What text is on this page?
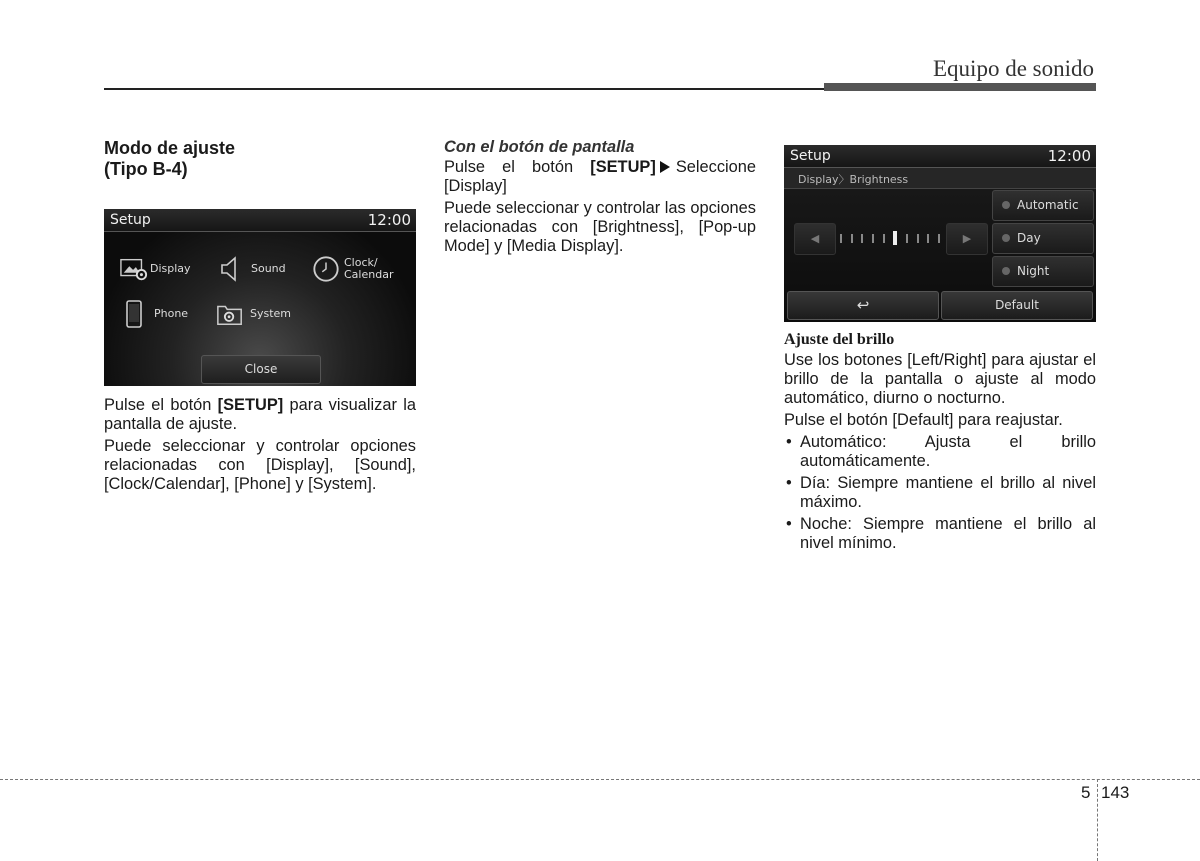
Equipo de sonido
Modo de ajuste
(Tipo B-4)
Setup	12:00
Display	Sound	Clock/
Calendar
Phone	System
Close

Pulse el botón [SETUP] para visualizar la pantalla de ajuste.

Puede seleccionar y controlar opciones relacionadas con [Display], [Sound], [Clock/Calendar], [Phone] y [System].

Con el botón de pantalla

Pulse el botón [SETUP] Seleccione [Display]

Puede seleccionar y controlar las opciones relacionadas con [Brightness], [Pop-up Mode] y [Media Display].

Setup	12:00
Display〉Brightness
◀	▶
Automatic
Day
Night
↩	Default
Ajuste del brillo

Use los botones [Left/Right] para ajustar el brillo de la pantalla o ajuste al modo automático, diurno o nocturno.

Pulse el botón [Default] para reajustar.

• Automático: Ajusta el brillo automáticamente.
• Día: Siempre mantiene el brillo al nivel máximo.
• Noche: Siempre mantiene el brillo al nivel mínimo.
5 143
